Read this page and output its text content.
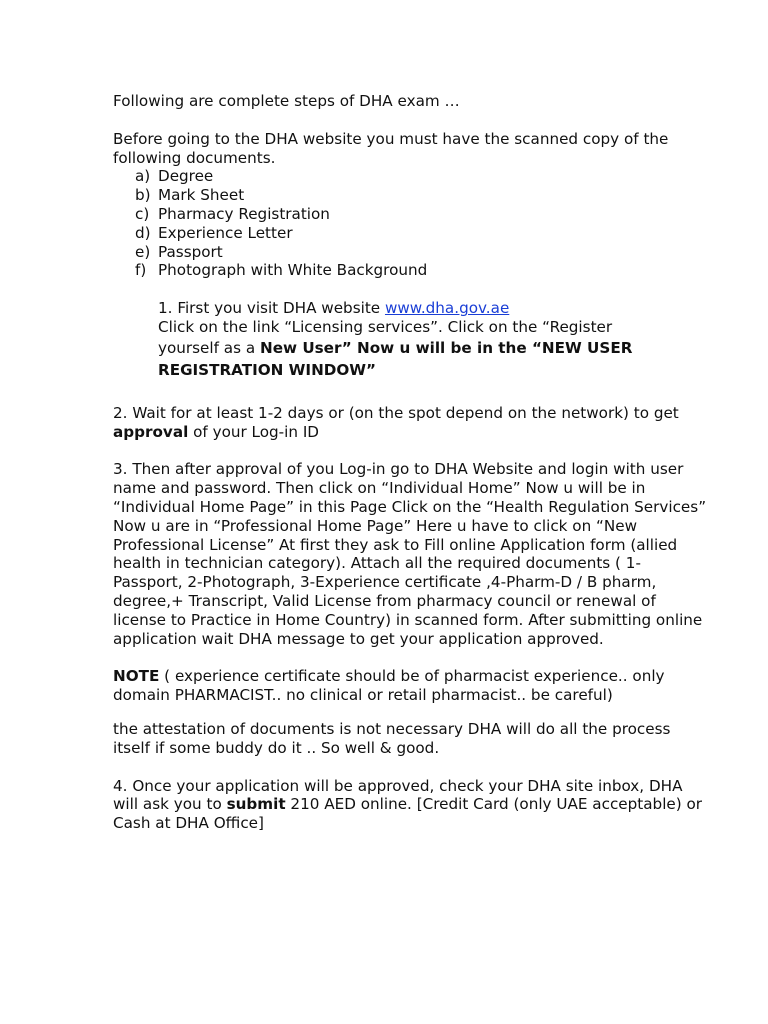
Following are complete steps of DHA exam …

Before going to the DHA website you must have the scanned copy of the following documents.

a) Degree
b) Mark Sheet
c) Pharmacy Registration
d) Experience Letter
e) Passport
f) Photograph with White Background
1. First you visit DHA website www.dha.gov.ae
Click on the link “Licensing services”. Click on the “Register
yourself as a New User” Now u will be in the “NEW USER
REGISTRATION WINDOW”

2. Wait for at least 1-2 days or (on the spot depend on the network) to get approval of your Log-in ID

3. Then after approval of you Log-in go to DHA Website and login with user name and password. Then click on “Individual Home” Now u will be in “Individual Home Page” in this Page Click on the “Health Regulation Services” Now u are in “Professional Home Page” Here u have to click on “New Professional License” At first they ask to Fill online Application form (allied health in technician category). Attach all the required documents ( 1-Passport, 2-Photograph, 3-Experience certificate ,4-Pharm-D / B pharm, degree,+ Transcript, Valid License from pharmacy council or renewal of license to Practice in Home Country) in scanned form. After submitting online application wait DHA message to get your application approved.

NOTE ( experience certificate should be of pharmacist experience.. only domain PHARMACIST.. no clinical or retail pharmacist.. be careful)

the attestation of documents is not necessary DHA will do all the process itself if some buddy do it .. So well & good.

4. Once your application will be approved, check your DHA site inbox, DHA will ask you to submit 210 AED online. [Credit Card (only UAE acceptable) or Cash at DHA Office]
